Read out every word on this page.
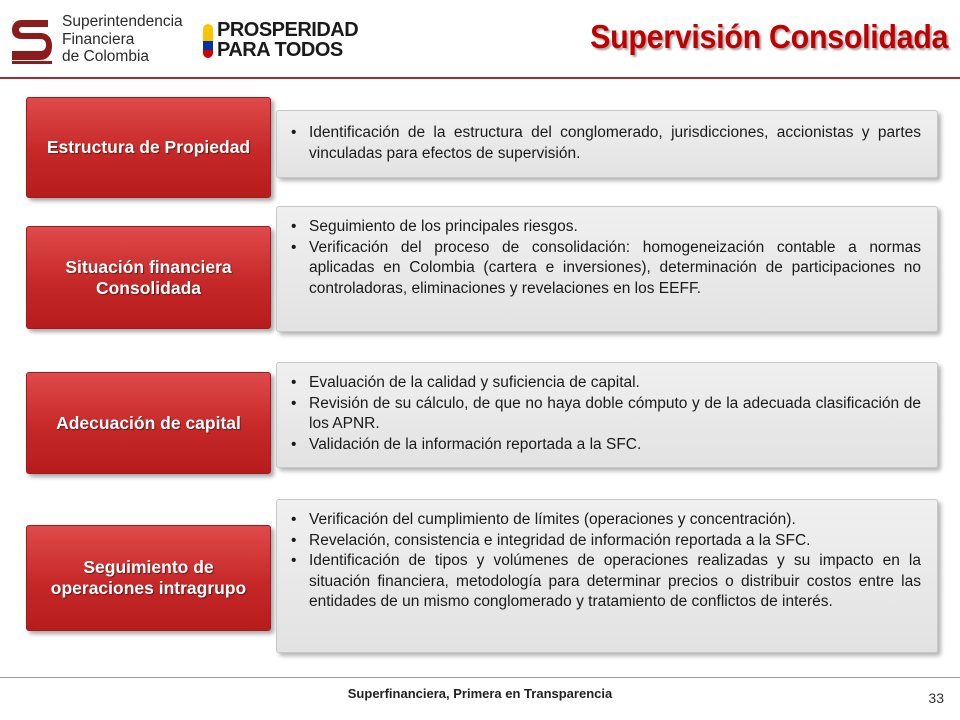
Superintendencia
Financiera
de Colombia
PROSPERIDAD
PARA TODOS	Supervisión Consolidada
Estructura de Propiedad
• Identificación de la estructura del conglomerado, jurisdicciones, accionistas y partes vinculadas para efectos de supervisión.
Situación financiera Consolidada
• Seguimiento de los principales riesgos.
• Verificación del proceso de consolidación: homogeneización contable a normas aplicadas en Colombia (cartera e inversiones), determinación de participaciones no controladoras, eliminaciones y revelaciones en los EEFF.
Adecuación de capital
• Evaluación de la calidad y suficiencia de capital.
• Revisión de su cálculo, de que no haya doble cómputo y de la adecuada clasificación de los APNR.
• Validación de la información reportada a la SFC.
Seguimiento de operaciones intragrupo
• Verificación del cumplimiento de límites (operaciones y concentración).
• Revelación, consistencia e integridad de información reportada a la SFC.
• Identificación de tipos y volúmenes de operaciones realizadas y su impacto en la situación financiera, metodología para determinar precios o distribuir costos entre las entidades de un mismo conglomerado y tratamiento de conflictos de interés.
Superfinanciera, Primera en Transparencia	33
